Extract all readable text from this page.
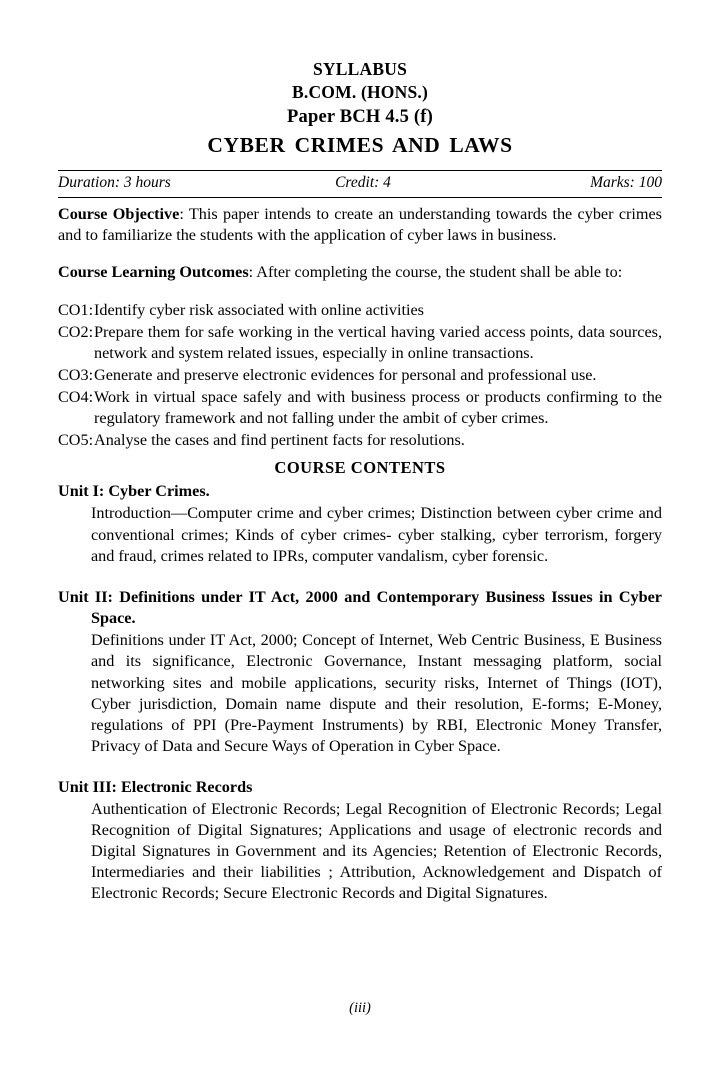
SYLLABUS
B.COM. (HONS.)
Paper BCH 4.5 (f)
CYBER CRIMES AND LAWS
Duration: 3 hours	Credit: 4	Marks: 100

Course Objective: This paper intends to create an understanding towards the cyber crimes and to familiarize the students with the application of cyber laws in business.

Course Learning Outcomes: After completing the course, the student shall be able to:

CO1: Identify cyber risk associated with online activities
CO2: Prepare them for safe working in the vertical having varied access points, data sources, network and system related issues, especially in online transactions.
CO3: Generate and preserve electronic evidences for personal and professional use.
CO4: Work in virtual space safely and with business process or products confirming to the regulatory framework and not falling under the ambit of cyber crimes.
CO5: Analyse the cases and find pertinent facts for resolutions.
COURSE CONTENTS
Unit I: Cyber Crimes.
Introduction—Computer crime and cyber crimes; Distinction between cyber crime and conventional crimes; Kinds of cyber crimes- cyber stalking, cyber terrorism, forgery and fraud, crimes related to IPRs, computer vandalism, cyber forensic.
Unit II: Definitions under IT Act, 2000 and Contemporary Business Issues in Cyber Space.
Definitions under IT Act, 2000; Concept of Internet, Web Centric Business, E Business and its significance, Electronic Governance, Instant messaging platform, social networking sites and mobile applications, security risks, Internet of Things (IOT), Cyber jurisdiction, Domain name dispute and their resolution, E-forms; E-Money, regulations of PPI (Pre-Payment Instruments) by RBI, Electronic Money Transfer, Privacy of Data and Secure Ways of Operation in Cyber Space.
Unit III: Electronic Records
Authentication of Electronic Records; Legal Recognition of Electronic Records; Legal Recognition of Digital Signatures; Applications and usage of electronic records and Digital Signatures in Government and its Agencies; Retention of Electronic Records, Intermediaries and their liabilities ; Attribution, Acknowledgement and Dispatch of Electronic Records; Secure Electronic Records and Digital Signatures.
(iii)
